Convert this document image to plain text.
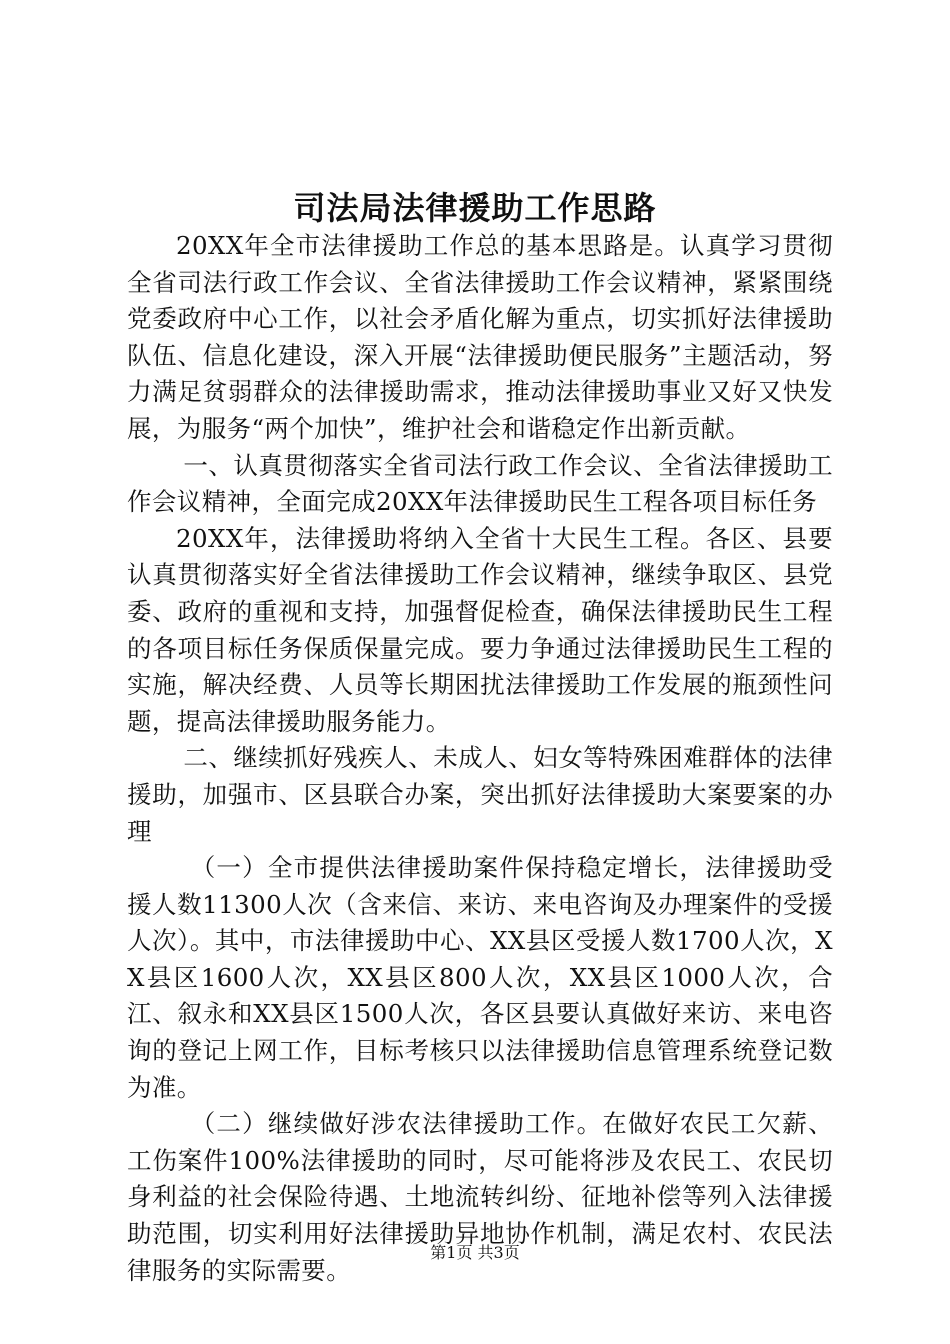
司法局法律援助工作思路

20XX年全市法律援助工作总的基本思路是。认真学习贯彻全省司法行政工作会议、全省法律援助工作会议精神，紧紧围绕党委政府中心工作，以社会矛盾化解为重点，切实抓好法律援助队伍、信息化建设，深入开展“法律援助便民服务”主题活动，努力满足贫弱群众的法律援助需求，推动法律援助事业又好又快发展，为服务“两个加快”，维护社会和谐稳定作出新贡献。

一、认真贯彻落实全省司法行政工作会议、全省法律援助工作会议精神，全面完成20XX年法律援助民生工程各项目标任务

20XX年，法律援助将纳入全省十大民生工程。各区、县要认真贯彻落实好全省法律援助工作会议精神，继续争取区、县党委、政府的重视和支持，加强督促检查，确保法律援助民生工程的各项目标任务保质保量完成。要力争通过法律援助民生工程的实施，解决经费、人员等长期困扰法律援助工作发展的瓶颈性问题，提高法律援助服务能力。

二、继续抓好残疾人、未成人、妇女等特殊困难群体的法律援助，加强市、区县联合办案，突出抓好法律援助大案要案的办理

（一）全市提供法律援助案件保持稳定增长，法律援助受援人数11300人次（含来信、来访、来电咨询及办理案件的受援人次）。其中，市法律援助中心、XX县区受援人数1700人次，XX县区1600人次，XX县区800人次，XX县区1000人次，合江、叙永和XX县区1500人次，各区县要认真做好来访、来电咨询的登记上网工作，目标考核只以法律援助信息管理系统登记数为准。

（二）继续做好涉农法律援助工作。在做好农民工欠薪、工伤案件100%法律援助的同时，尽可能将涉及农民工、农民切身利益的社会保险待遇、土地流转纠纷、征地补偿等列入法律援助范围，切实利用好法律援助异地协作机制，满足农村、农民法律服务的实际需要。

第1页 共3页
